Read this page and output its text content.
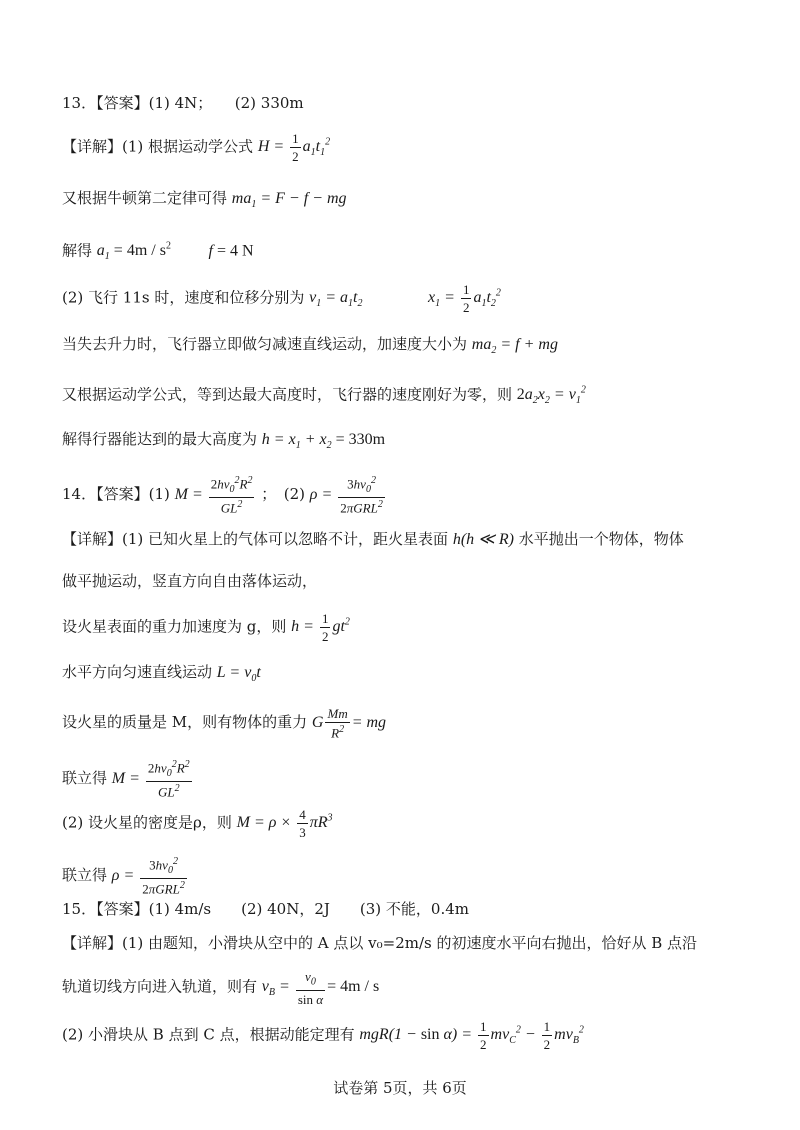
13．【答案】(1) 4N；　　(2) 330m
【详解】(1) 根据运动学公式 $H = \frac{1}{2} a_1t_1^2$
又根据牛顿第二定律可得 $ma_1 = F - f$ − mg
解得 $a_1 = 4m / s^2$ f = 4 N
(2) 飞行 11s 时，速度和位移分别为 $v_1 = a_1t_2$	$x_1 = \frac{1}{2} a_1t_2^2$
当失去升力时，飞行器立即做匀减速直线运动，加速度大小为 $ma_2 = f$ + mg
又根据运动学公式，等到达最大高度时，飞行器的速度刚好为零，则 $2a_2x_2 = v_1^2$
解得行器能达到的最大高度为 $h = x_1 + x_2 = 330m$
14．【答案】(1) $M = \frac{2hv_0^2R^2}{GL^2}$ ；　(2) $\rho = \frac{3hv_0^2}{2\pi GRL^2}$
【详解】(1) 已知火星上的气体可以忽略不计，距火星表面 h(h ≪ R) 水平抛出一个物体，物体
做平抛运动，竖直方向自由落体运动，
设火星表面的重力加速度为 g，则 $h = \frac{1}{2} gt^2$
水平方向匀速直线运动 $L = v_0t$
设火星的质量是 M，则有物体的重力 G $\frac{Mm}{R^2}$ = mg
联立得 $M = \frac{2hv_0^2R^2}{GL^2}$
(2) 设火星的密度是ρ，则 $M = \rho \times \frac{4}{3} \pi R^3$
联立得 $\rho = \frac{3hv_0^2}{2\pi GRL^2}$
15．【答案】(1) 4m/s　　(2) 40N，2J　　(3) 不能，0.4m
【详解】(1) 由题知，小滑块从空中的 A 点以 v₀=2m/s 的初速度水平向右抛出，恰好从 B 点沿
轨道切线方向进入轨道，则有 $v_B = \frac{v_0}{\text{sin α}} = 4m / s$
(2) 小滑块从 B 点到 C 点，根据动能定理有 $mgR(1 - \sin \alpha) = \frac{1}{2} mv_C^2 - \frac{1}{2} mv_B^2$
试卷第 5页，共 6页
